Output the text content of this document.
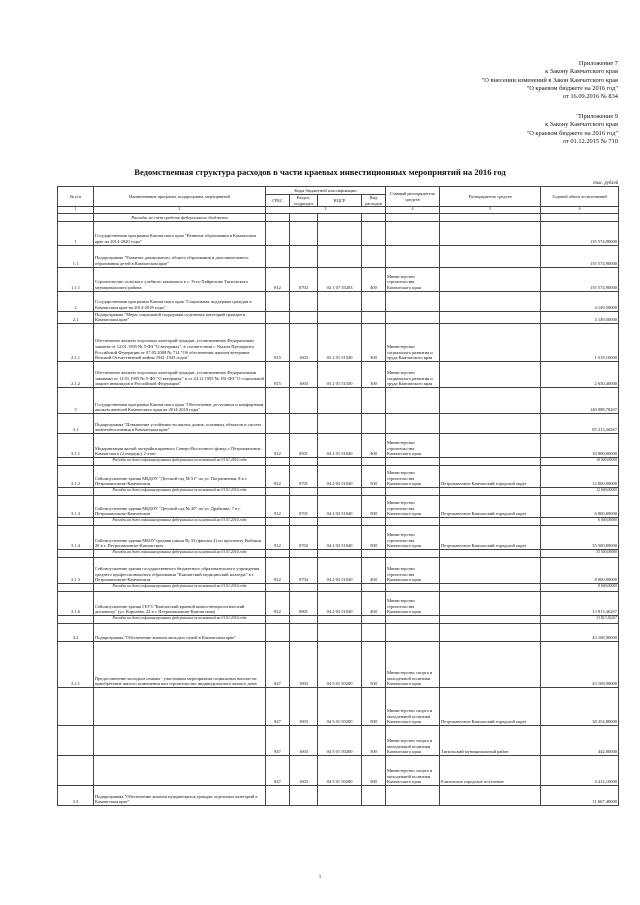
Приложение 7
к Закону Камчатского края
"О внесении изменений в Закон Камчатского края
"О краевом бюджете на 2016 год"
от 16.09.2016 № 834
"Приложение 9
к Закону Камчатского края
"О краевом бюджете на 2016 год"
от 01.12.2015 № 710
Ведомственная структура расходов в части краевых инвестиционных мероприятий на 2016 год
тыс. рублей
№ п/п	Наименование программ, подпрограмм, мероприятий	Коды бюджетной классификации				Главный распорядитель средств	Распорядитель средств	Годовой объем ассигнований
		ГРБС	Раздел, подраздел	КЦСР	Вид расходов			
1	2	3				4	5	6
	Расходы за счет средств федерального бюджета							
1	Государственная программа Камчатского края "Развитие образования в Камчатском крае на 2014-2020 годы"							135 574,90000
1.1	Подпрограмма "Развитие дошкольного, общего образования и дополнительного образования детей в Камчатском крае"							135 574,90000
1.1.1	Строительство сельского учебного комплекса в с. Усть-Хайрюзово Тигильского муниципального района	812	0702	02 1 07 55203	400	Министерство строительства Камчатского края		135 574,90000
2	Государственная программа Камчатского края "Социальная поддержка граждан в Камчатском крае на 2014-2018 годы"							4 149,50000
2.1	Подпрограмма "Меры социальной поддержки отдельных категорий граждан в Камчатском крае"							4 149,50000
2.1.1	Обеспечение жильем отдельных категорий граждан, установленных Федеральным законом от 12.01.1995 № 5-ФЗ "О ветеранах", в соответствии с Указом Президента Российской Федерации от 07.05.2008 № 714 "Об обеспечении жильем ветеранов Великой Отечественной войны 1941-1945 годов"	815	1003	03 2 01 51340	300	Министерство социального развития и труда Камчатского края		1 519,10000
2.1.2	Обеспечение жильем отдельных категорий граждан, установленных Федеральными законами от 12.01.1995 № 5-ФЗ "О ветеранах" и от 24.11.1995 № 181-ФЗ "О социальной защите инвалидов в Российской Федерации"	815	1003	03 2 01 51350	300	Министерство социального развития и труда Камчатского края		2 630,40000
3	Государственная программа Камчатского края "Обеспечение доступным и комфортным жильем жителей Камчатского края на 2014-2018 годы"							140 088,70267
3.1	Подпрограмма "Повышение устойчивости жилых домов, основных объектов и систем жизнеобеспечения в Камчатском крае"							85 313,36267
3.1.1	Модернизация жилой застройки краевого Северо-Восточного фонда г. Петропавловск-Камчатского (2 очередь), 2 этап	812	0501	04 2 01 51040	400	Министерство строительства Камчатского края		10 000,00000
	Расходы на долю софинансирования федеральных ассигнований на 01.01.2016 года							10 000,00000
3.1.2	Сейсмоусиление здания МБДОУ "Детский сад № 51" по ул. Пограничная, 8 в г. Петропавловске-Камчатском	812	0701	04 2 03 51040	500	Министерство строительства Камчатского края	Петропавловск-Камчатский городской округ	12 000,00000
	Расходы на долю софинансирования федеральных ассигнований на 01.01.2016 года							12 000,00000
3.1.3	Сейсмоусиление здания МБДОУ "Детский сад № 20" по ул. Драбкина, 7 в г. Петропавловске-Камчатском	812	0701	04 2 03 51040	500	Министерство строительства Камчатского края	Петропавловск-Камчатский городской округ	6 000,00000
	Расходы на долю софинансирования федеральных ассигнований на 01.01.2016 года							6 000,00000
3.1.4	Сейсмоусиление здания МБОУ средняя школа № 33 (филиал 2) по проспекту Рыбаков, 28 в г. Петропавловске-Камчатском	812	0702	04 2 03 51040	500	Министерство строительства Камчатского края	Петропавловск-Камчатский городской округ	35 500,00000
	Расходы на долю софинансирования федеральных ассигнований на 01.01.2016 года							35 500,00000
3.1.5	Сейсмоусиление здания государственного бюджетного образовательного учреждения среднего профессионального образования "Камчатский медицинский колледж" в г. Петропавловске-Камчатском	812	0704	04 2 03 51040	400	Министерство строительства Камчатского края		8 000,00000
	Расходы на долю софинансирования федеральных ассигнований на 01.01.2016 года							8 000,00000
3.1.6	Сейсмоусиление здания ГБУЗ "Камчатский краевой кожно-венерологический диспансер" (ул. Королёва, 22 в г. Петропавловске-Камчатском)	812	0901	04 2 03 51040	400	Министерство строительства Камчатского края		13 813,36267
	Расходы на долю софинансирования федеральных ассигнований на 01.01.2016 года							13 813,36267
3.2	Подпрограмма "Обеспечение жильем молодых семей в Камчатском крае"							43 108,90000
3.2.1	Предоставление молодым семьям - участникам мероприятия социальных выплат на приобретение жилого помещения или строительство индивидуального жилого дома	847	1003	04 5 01 50200	500	Министерство спорта и молодежной политики Камчатского края		43 108,90000
		847	1003	04 5 01 50200	500	Министерство спорта и молодежной политики Камчатского края	Петропавловск-Камчатский городской округ	38 254,80000
		847	1003	04 5 01 50200	500	Министерство спорта и молодежной политики Камчатского края	Тигильский муниципальный район	442,00000
		847	1003	04 5 01 50200	500	Министерство спорта и молодежной политики Камчатского края	Елизовское городское поселение	4 412,10000
3.3	Подпрограмма "Обеспечение жильем нуждающихся граждан отдельных категорий в Камчатском крае"							11 667,40000
1
